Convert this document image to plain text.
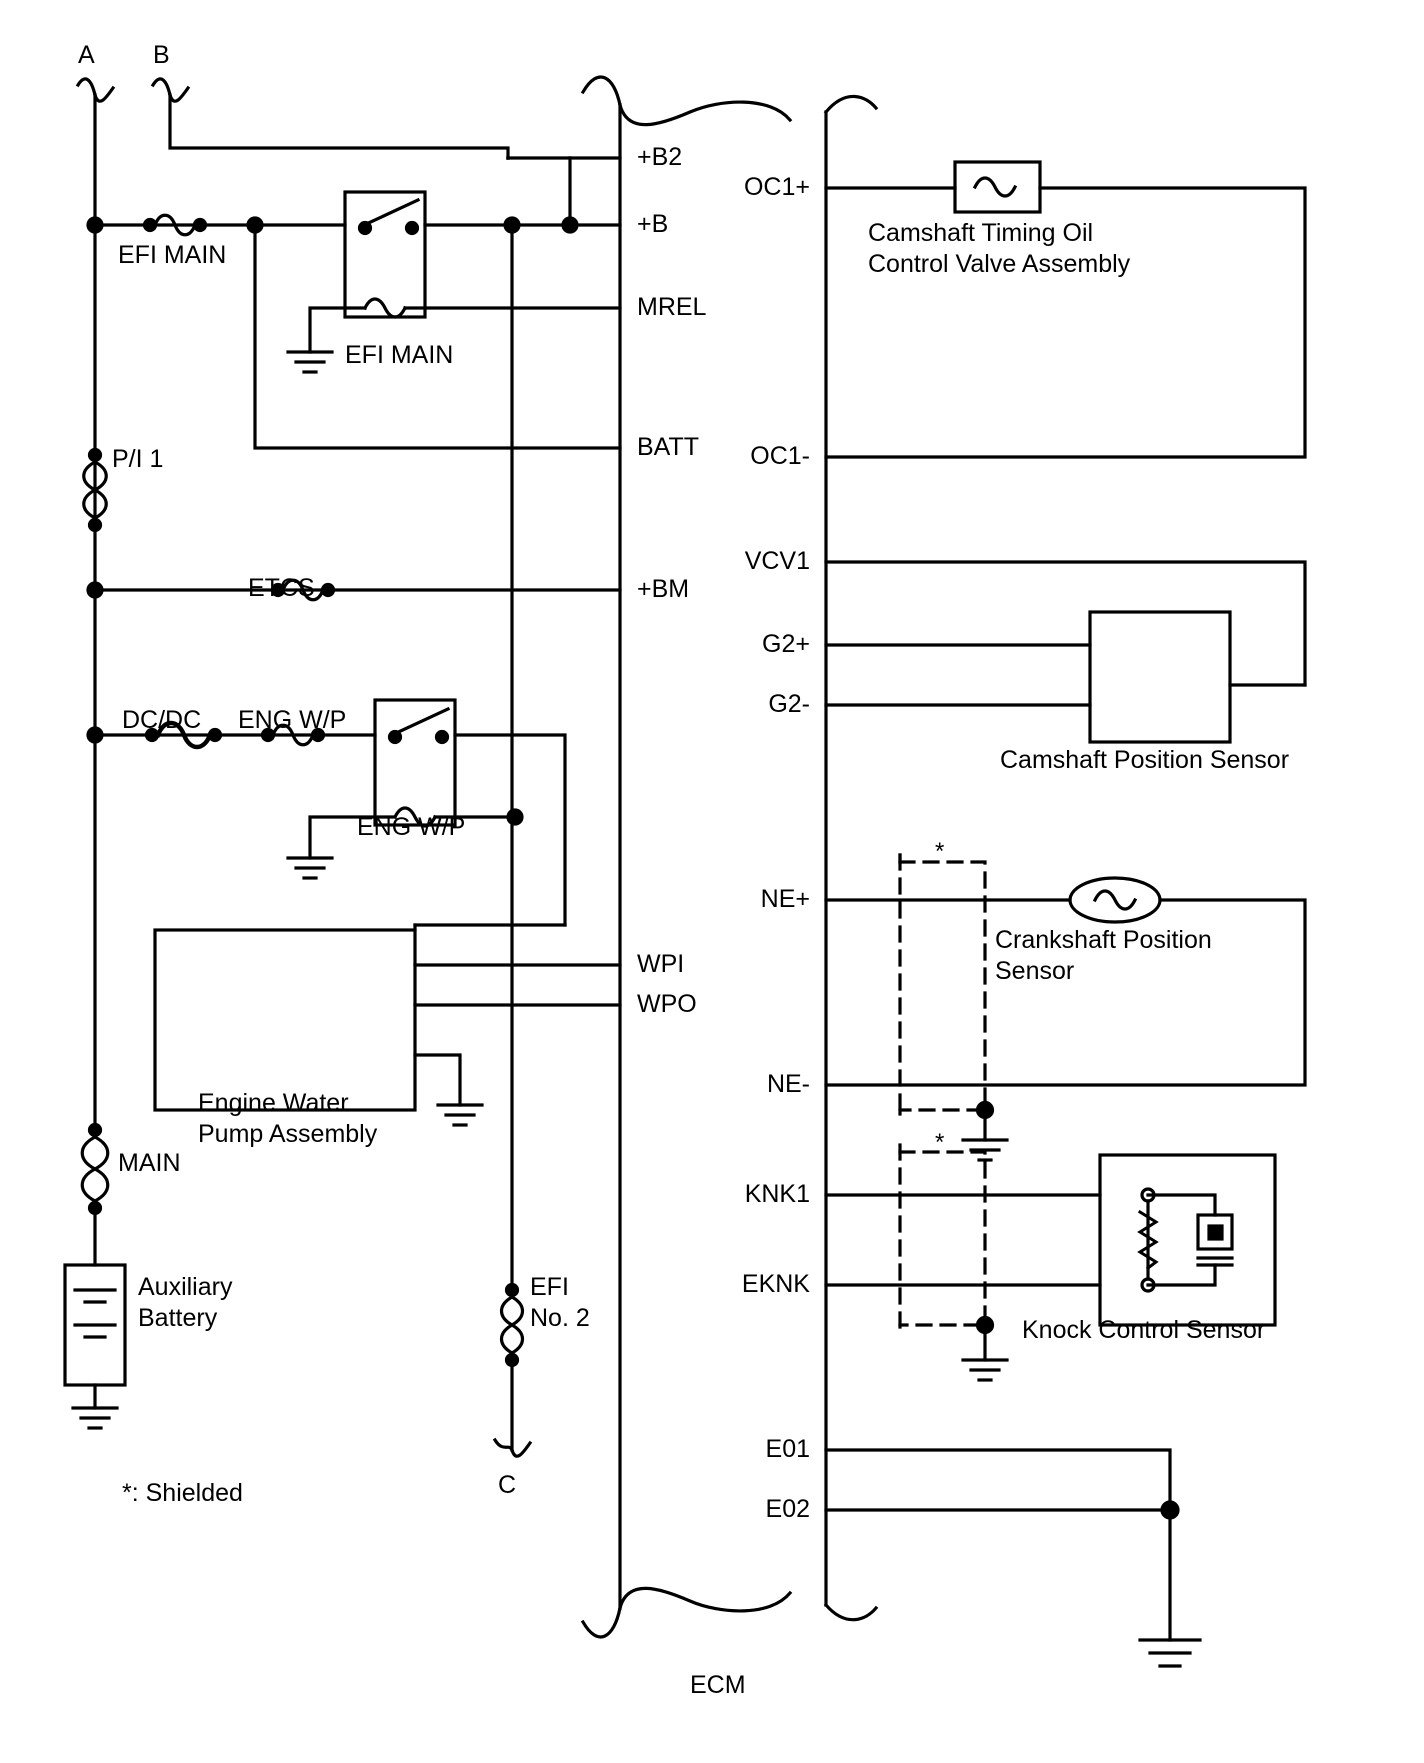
A B
+B2
+B
MREL
BATT
+BM
WPI
WPO
OC1+
OC1-
VCV1
G2+
G2-
NE+
NE-
KNK1
EKNK
E01
E02
EFI MAIN
EFI MAIN
P/I 1
ETCS
DC/DC ENG W/P
ENG W/P
Engine Water
Pump Assembly
MAIN
Auxiliary
Battery
EFI
No. 2
C
Camshaft Timing Oil
Control Valve Assembly
Camshaft Position Sensor
Crankshaft Position
Sensor
Knock Control Sensor
*
*
*: Shielded
ECM
